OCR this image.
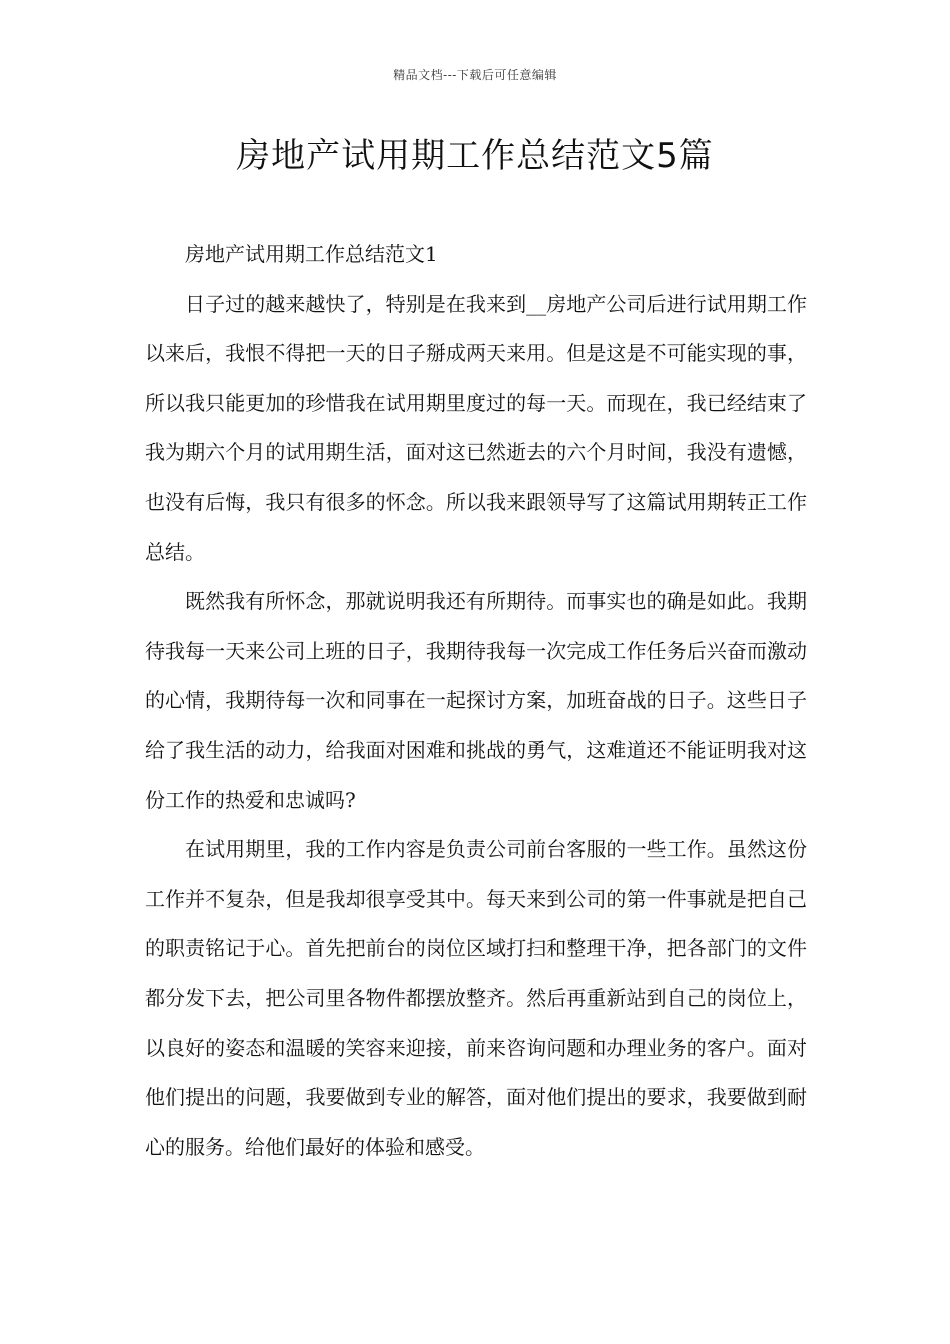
精品文档---下载后可任意编辑
房地产试用期工作总结范文5篇

房地产试用期工作总结范文1

日子过的越来越快了，特别是在我来到__房地产公司后进行试用期工作以来后，我恨不得把一天的日子掰成两天来用。但是这是不可能实现的事，所以我只能更加的珍惜我在试用期里度过的每一天。而现在，我已经结束了我为期六个月的试用期生活，面对这已然逝去的六个月时间，我没有遗憾，也没有后悔，我只有很多的怀念。所以我来跟领导写了这篇试用期转正工作总结。

既然我有所怀念，那就说明我还有所期待。而事实也的确是如此。我期待我每一天来公司上班的日子，我期待我每一次完成工作任务后兴奋而激动的心情，我期待每一次和同事在一起探讨方案，加班奋战的日子。这些日子给了我生活的动力，给我面对困难和挑战的勇气，这难道还不能证明我对这份工作的热爱和忠诚吗?

在试用期里，我的工作内容是负责公司前台客服的一些工作。虽然这份工作并不复杂，但是我却很享受其中。每天来到公司的第一件事就是把自己的职责铭记于心。首先把前台的岗位区域打扫和整理干净，把各部门的文件都分发下去，把公司里各物件都摆放整齐。然后再重新站到自己的岗位上，以良好的姿态和温暖的笑容来迎接，前来咨询问题和办理业务的客户。面对他们提出的问题，我要做到专业的解答，面对他们提出的要求，我要做到耐心的服务。给他们最好的体验和感受。
